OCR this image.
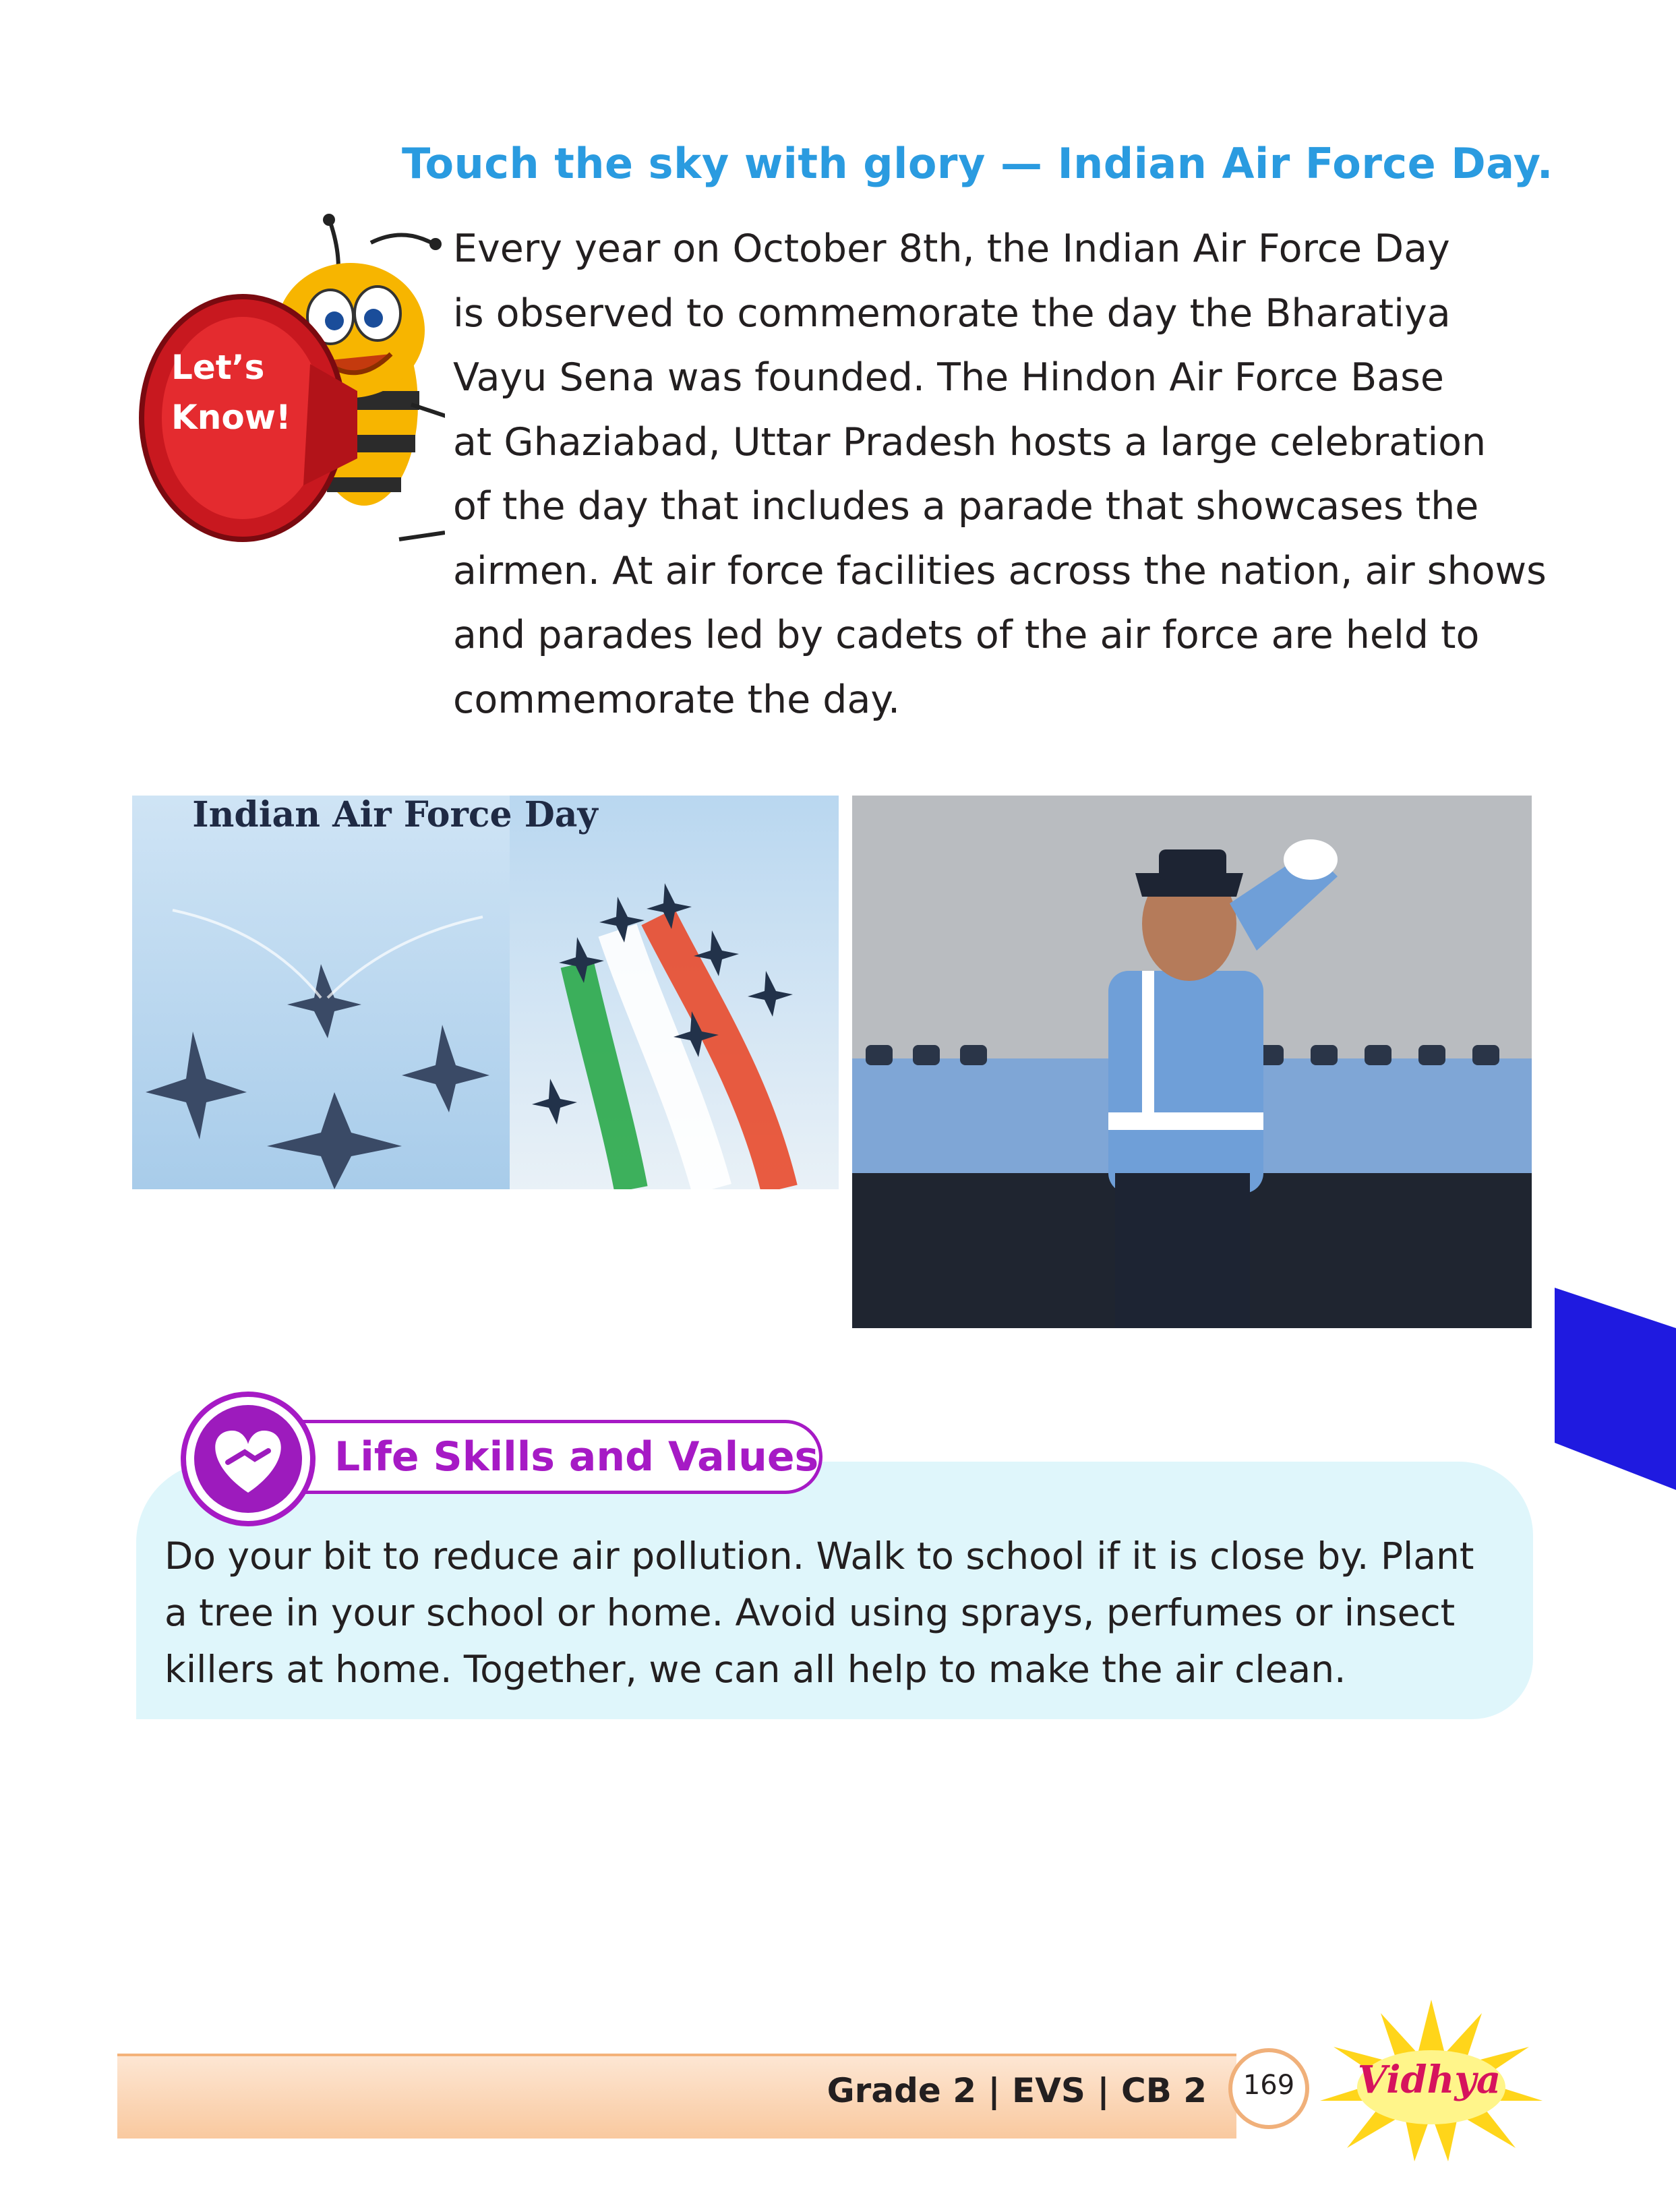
Touch the sky with glory — Indian Air Force Day.
Let’s
Know!

Every year on October 8th, the Indian Air Force Day

is observed to commemorate the day the Bharatiya

Vayu Sena was founded. The Hindon Air Force Base

at Ghaziabad, Uttar Pradesh hosts a large celebration

of the day that includes a parade that showcases the

airmen. At air force facilities across the nation, air shows

and parades led by cadets of the air force are held to

commemorate the day.

Indian Air Force Day
Life Skills and Values

Do your bit to reduce air pollution. Walk to school if it is close by. Plant

a tree in your school or home. Avoid using sprays, perfumes or insect

killers at home. Together, we can all help to make the air clean.

Grade 2 | EVS | CB 2	169	Vidhya
